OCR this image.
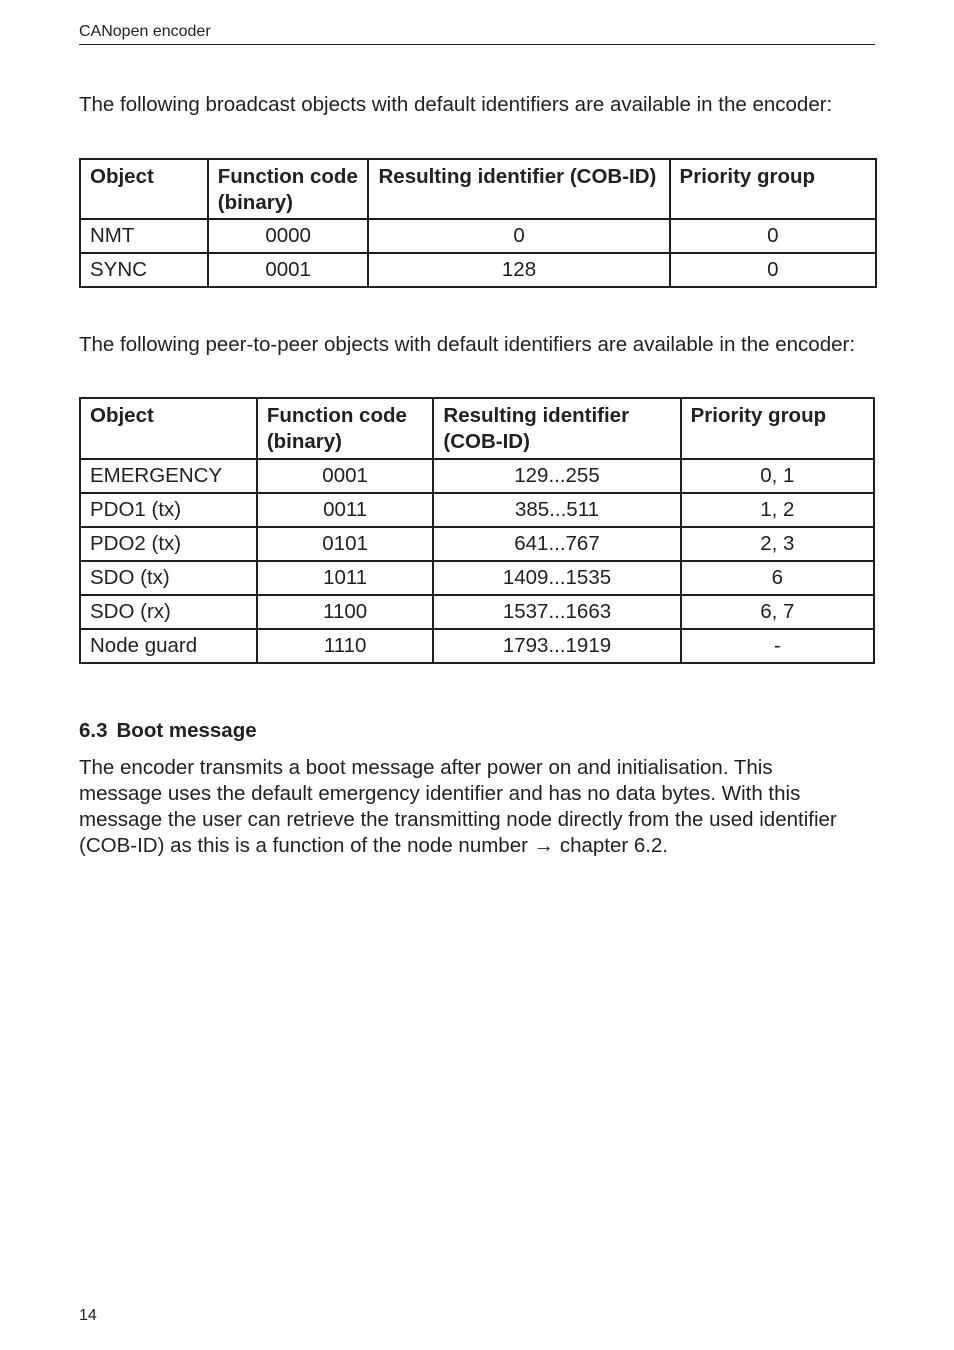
CANopen encoder

The following broadcast objects with default identifiers are available in the encoder:

Object	Function code (binary)	Resulting identifier (COB-ID)	Priority group
NMT	0000	0	0
SYNC	0001	128	0

The following peer-to-peer objects with default identifiers are available in the encoder:

Object	Function code (binary)	Resulting identifier (COB-ID)	Priority group
EMERGENCY	0001	129...255	0, 1
PDO1 (tx)	0011	385...511	1, 2
PDO2 (tx)	0101	641...767	2, 3
SDO (tx)	1011	1409...1535	6
SDO (rx)	1100	1537...1663	6, 7
Node guard	1110	1793...1919	-
6.3 Boot message

The encoder transmits a boot message after power on and initialisation. This message uses the default emergency identifier and has no data bytes. With this message the user can retrieve the transmitting node directly from the used identifier (COB-ID) as this is a function of the node number → chapter 6.2.

14
